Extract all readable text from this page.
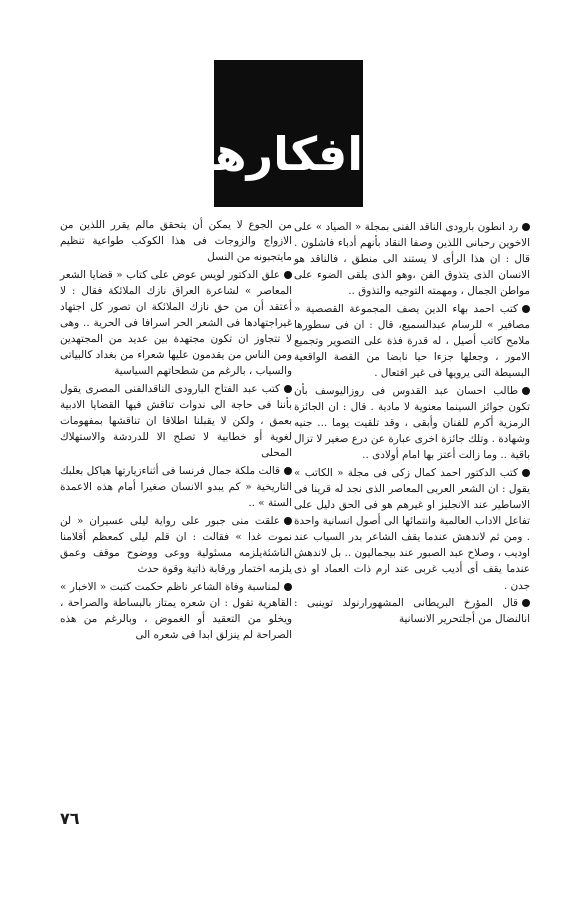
افكارهم

رد انطون بارودى الناقد الفنى بمجلة « الصياد » على الاخوين رحبانى اللذين وصفا النقاد بأنهم أدباء فاشلون . قال : ان هذا الرأى لا يستند الى منطق ، فالناقد هو الانسان الذى يتذوق الفن ،وهو الذى يلقى الضوء على مواطن الجمال ، ومهمته التوجيه والتذوق ..

كتب احمد بهاء الدين يصف المجموعة القصصية « مصافير » للرسام عبدالسميع، قال : ان فى سطورها ملامح كاتب أصيل ، له قدرة فذة على التصوير وتجميع الامور ، وجعلها جزءا حيا نابضا من القصة الواقعية البسيطة التى يرويها فى غير افتعال .

طالب احسان عبد القدوس فى روزاليوسف بأن تكون جوائز السينما معنوية لا مادية . قال : ان الجائزة الرمزية أكرم للفنان وأبقى ، وقد تلقيت يوما ... جنيه وشهادة . وتلك جائزة اخرى عبارة عن درع صغير لا تزال باقية .. وما زالت أعتز بها امام أولادى ..

كتب الدكتور احمد كمال زكى فى مجلة « الكاتب » يقول : ان الشعر العربى المعاصر الذى نجد له قرينا فى الاساطير عند الانجليز او غيرهم هو فى الحق دليل على تفاعل الاداب العالمية وانتمائها الى أصول انسانية واحدة . ومن ثم لاندهش عندما يقف الشاعر بدر السياب عند اوديب ، وصلاح عبد الصبور عند بيجماليون .. بل لاندهش عندما يقف أى أديب غربى عند ارم ذات العماد او ذى جدن .

قال المؤرخ البريطانى المشهورارنولد توينبى : انالنضال من أجلتحرير الانسانية

من الجوع لا يمكن أن يتحقق مالم يقرر اللذين من الازواج والزوجات فى هذا الكوكب طواعية تنظيم مايتجبونه من النسل

علق الدكتور لويس عوض على كتاب « قضايا الشعر المعاصر » لشاعرة العراق نازك الملائكة فقال : لا أعتقد أن من حق نازك الملائكة ان تصور كل اجتهاد غيراجتهادها فى الشعر الحر اسرافا فى الحرية .. وهى لا تتجاوز ان تكون مجتهدة بين عديد من المجتهدين ومن الناس من يقدمون عليها شعراء من بغداد كالبياتى والسياب ، بالرغم من شطحاتهم السياسية

كتب عبد الفتاح البارودى الناقدالفنى المصرى يقول بأننا فى حاجة الى ندوات تناقش فيها القضايا الادبية بعمق ، ولكن لا يقبلنا اطلاقا ان تناقشها بمفهومات لغوية أو خطابية لا تصلح الا للدردشة والاستهلاك المحلى

قالت ملكة جمال فرنسا فى أثناءزيارتها هياكل بعلبك التاريخية « كم يبدو الانسان صغيرا أمام هذه الاعمدة الستة » ..

علقت منى جبور على رواية ليلى عسيران « لن نموت غدا » فقالت : ان قلم ليلى كمعظم أقلامنا الناشئةيلزمه مسئولية ووعى ووضوح موقف وعمق يلزمه اختمار ورقابة ذاتية وقوة حدث

لمناسبة وفاة الشاعر ناظم حكمت كتبت « الاخبار » القاهرية تقول : ان شعره يمتاز بالبساطة والصراحة ، ويخلو من التعقيد أو الغموض ، وبالرغم من هذه الصراحة لم ينزلق ابدا فى شعره الى

٧٦
